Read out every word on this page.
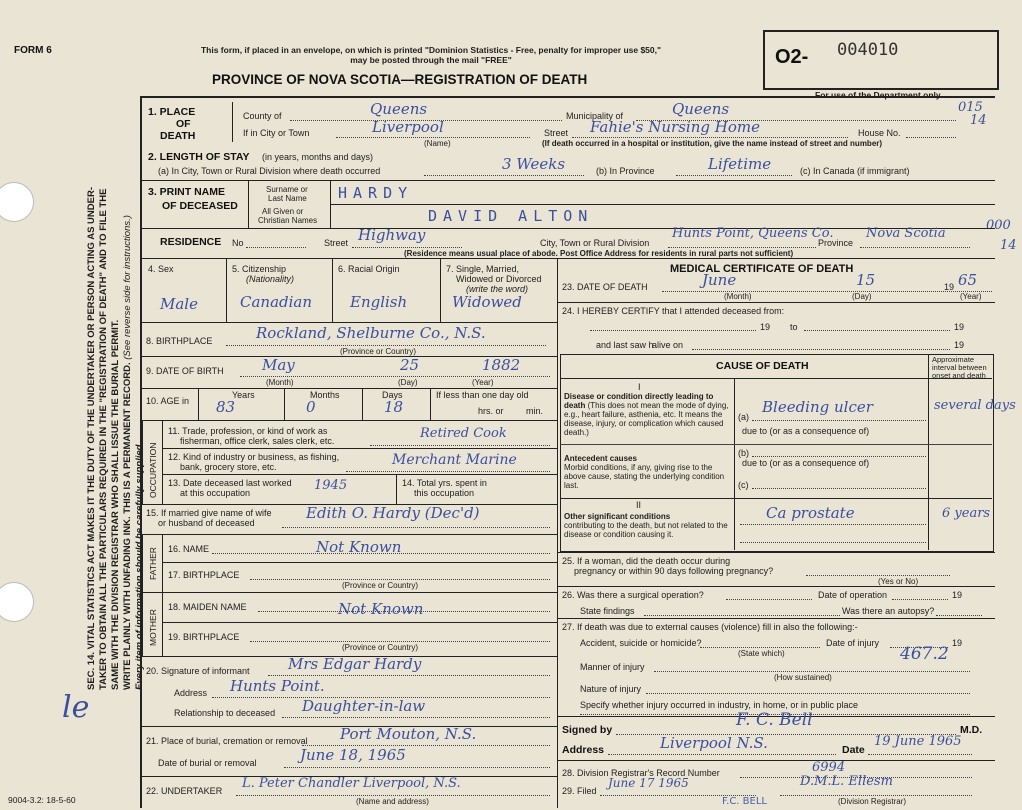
FORM 6
SEC. 14. VITAL STATISTICS ACT MAKES IT THE DUTY OF THE UNDERTAKER OR PERSON ACTING AS UNDER- TAKER TO OBTAIN ALL THE PARTICULARS REQUIRED IN THE "REGISTRATION OF DEATH" AND TO FILE THE SAME WITH THE DIVISION REGISTRAR WHO SHALL ISSUE THE BURIAL PERMIT. WRITE PLAINLY WITH UNFADING INK. THIS IS A PERMANENT RECORD. (See reverse side for instructions.)
Every item of information should be carefully supplied.
le
9004-3.2: 18-5-60
This form, if placed in an envelope, on which is printed "Dominion Statistics - Free, penalty for improper use $50," may be posted through the mail "FREE"
PROVINCE OF NOVA SCOTIA—REGISTRATION OF DEATH
O2- 004010
For use of the Department only
015
14
000
14
1. PLACE
OF
DEATH
County of	Queens	Municipality of	Queens
If in City or Town	Liverpool
(Name)
Street Fahie's Nursing Home	House No.
(If death occurred in a hospital or institution, give the name instead of street and number)
2. LENGTH OF STAY (in years, months and days)
(a) In City, Town or Rural Division where death occurred	3 Weeks	(b) In Province	Lifetime	(c) In Canada (if immigrant)
3. PRINT NAME
OF DECEASED
Surname or
Last Name
All Given or
Christian Names
HARDY
DAVID ALTON
RESIDENCE No	Street Highway	City, Town or Rural Division
Hunts Point, Queens Co.
Province
Nova Scotia
(Residence means usual place of abode. Post Office Address for residents in rural parts not sufficient)
4. Sex	5. Citizenship
(Nationality)
6. Racial Origin	7. Single, Married,
Widowed or Divorced
(write the word)
Male	Canadian	English	Widowed
8. BIRTHPLACE	Rockland, Shelburne Co., N.S.
(Province or Country)
9. DATE OF BIRTH	May	25	1882
(Month)	(Day)	(Year)
10. AGE in
Years	Months	Days
83	0	18
If less than one day old
hrs. or min.
OCCUPATION
11. Trade, profession, or kind of work as
fisherman, office clerk, sales clerk, etc.	Retired Cook
12. Kind of industry or business, as fishing,
bank, grocery store, etc.	Merchant Marine
13. Date deceased last worked
at this occupation	1945	14. Total yrs. spent in
this occupation
15. If married give name of wife
or husband of deceased
Edith O. Hardy (Dec'd)
FATHER 16. NAME	Not Known
17. BIRTHPLACE
(Province or Country)
MOTHER
18. MAIDEN NAME	Not Known
19. BIRTHPLACE
(Province or Country)
20. Signature of informant	Mrs Edgar Hardy
Address Hunts Point.
Relationship to deceased Daughter-in-law
21. Place of burial, cremation or removal Port Mouton, N.S.
Date of burial or removal	June 18, 1965
22. UNDERTAKER L. Peter Chandler Liverpool, N.S.
(Name and address)
MEDICAL CERTIFICATE OF DEATH
23. DATE OF DEATH	June	15	19 65
(Month)	(Day)	(Year)
24. I HEREBY CERTIFY that I attended deceased from:
19 to	19
and last saw h
alive on	19
CAUSE OF DEATH
Approximate interval between onset and death
I
Disease or condition directly leading to death (This does not mean the mode of dying, e.g., heart failure, asthenia, etc. It means the disease, injury, or complication which caused death.)
(a)
Bleeding ulcer	several days
due to (or as a consequence of)
Antecedent causes
Morbid conditions, if any, giving rise to the above cause, stating the underlying condition last.
(b)
due to (or as a consequence of)
(c)
II
Other significant conditions
contributing to the death, but not related to the disease or condition causing it.
Ca prostate	6 years
25. If a woman, did the death occur during
pregnancy or within 90 days following pregnancy?
(Yes or No)
26. Was there a surgical operation?	Date of operation	19
State findings	Was there an autopsy?
27. If death was due to external causes (violence) fill in also the following:-
Accident, suicide or homicide?	Date of injury	19
(State which)	467.2
Manner of injury
(How sustained)
Nature of injury
Specify whether injury occurred in industry, in home, or in public place
Signed by	F. C. Bell	M.D.
Address	Liverpool N.S.	Date
19 June 1965
28. Division Registrar's Record Number	6994
29. Filed
June 17 1965	D.M.L. Ellesm
(Division Registrar)
F.C. BELL
